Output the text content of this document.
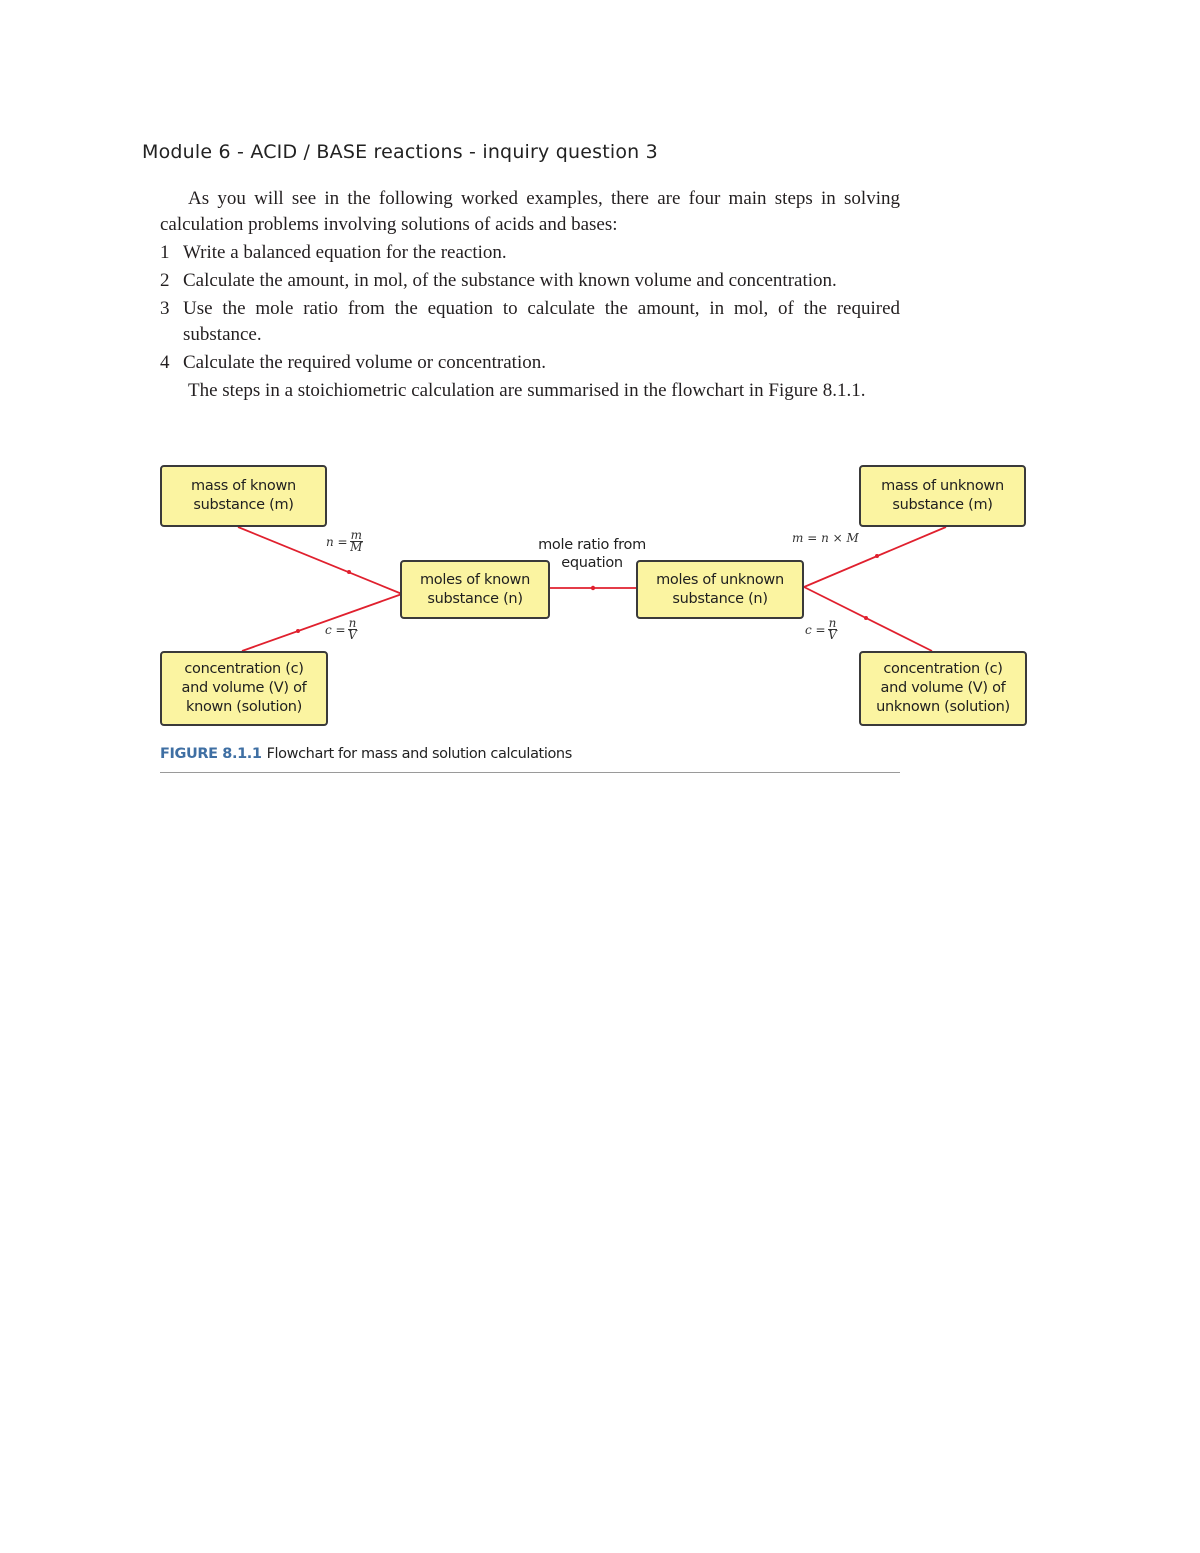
Module 6 - ACID / BASE reactions - inquiry question 3

As you will see in the following worked examples, there are four main steps in solving calculation problems involving solutions of acids and bases:

1 Write a balanced equation for the reaction.
2 Calculate the amount, in mol, of the substance with known volume and concentration.
3 Use the mole ratio from the equation to calculate the amount, in mol, of the required substance.
4 Calculate the required volume or concentration.

The steps in a stoichiometric calculation are summarised in the flowchart in Figure 8.1.1.

mass of known substance (m)
concentration (c)
and volume (V) of
known (solution)
moles of known
substance (n)
moles of unknown
substance (n)
mass of unknown
substance (m)
concentration (c)
and volume (V) of
unknown (solution)
mole ratio from
equation
$n = \frac{m}{M}$
$c = \frac{n}{V}$
m = n × M
$c = \frac{n}{V}$
FIGURE 8.1.1 Flowchart for mass and solution calculations
